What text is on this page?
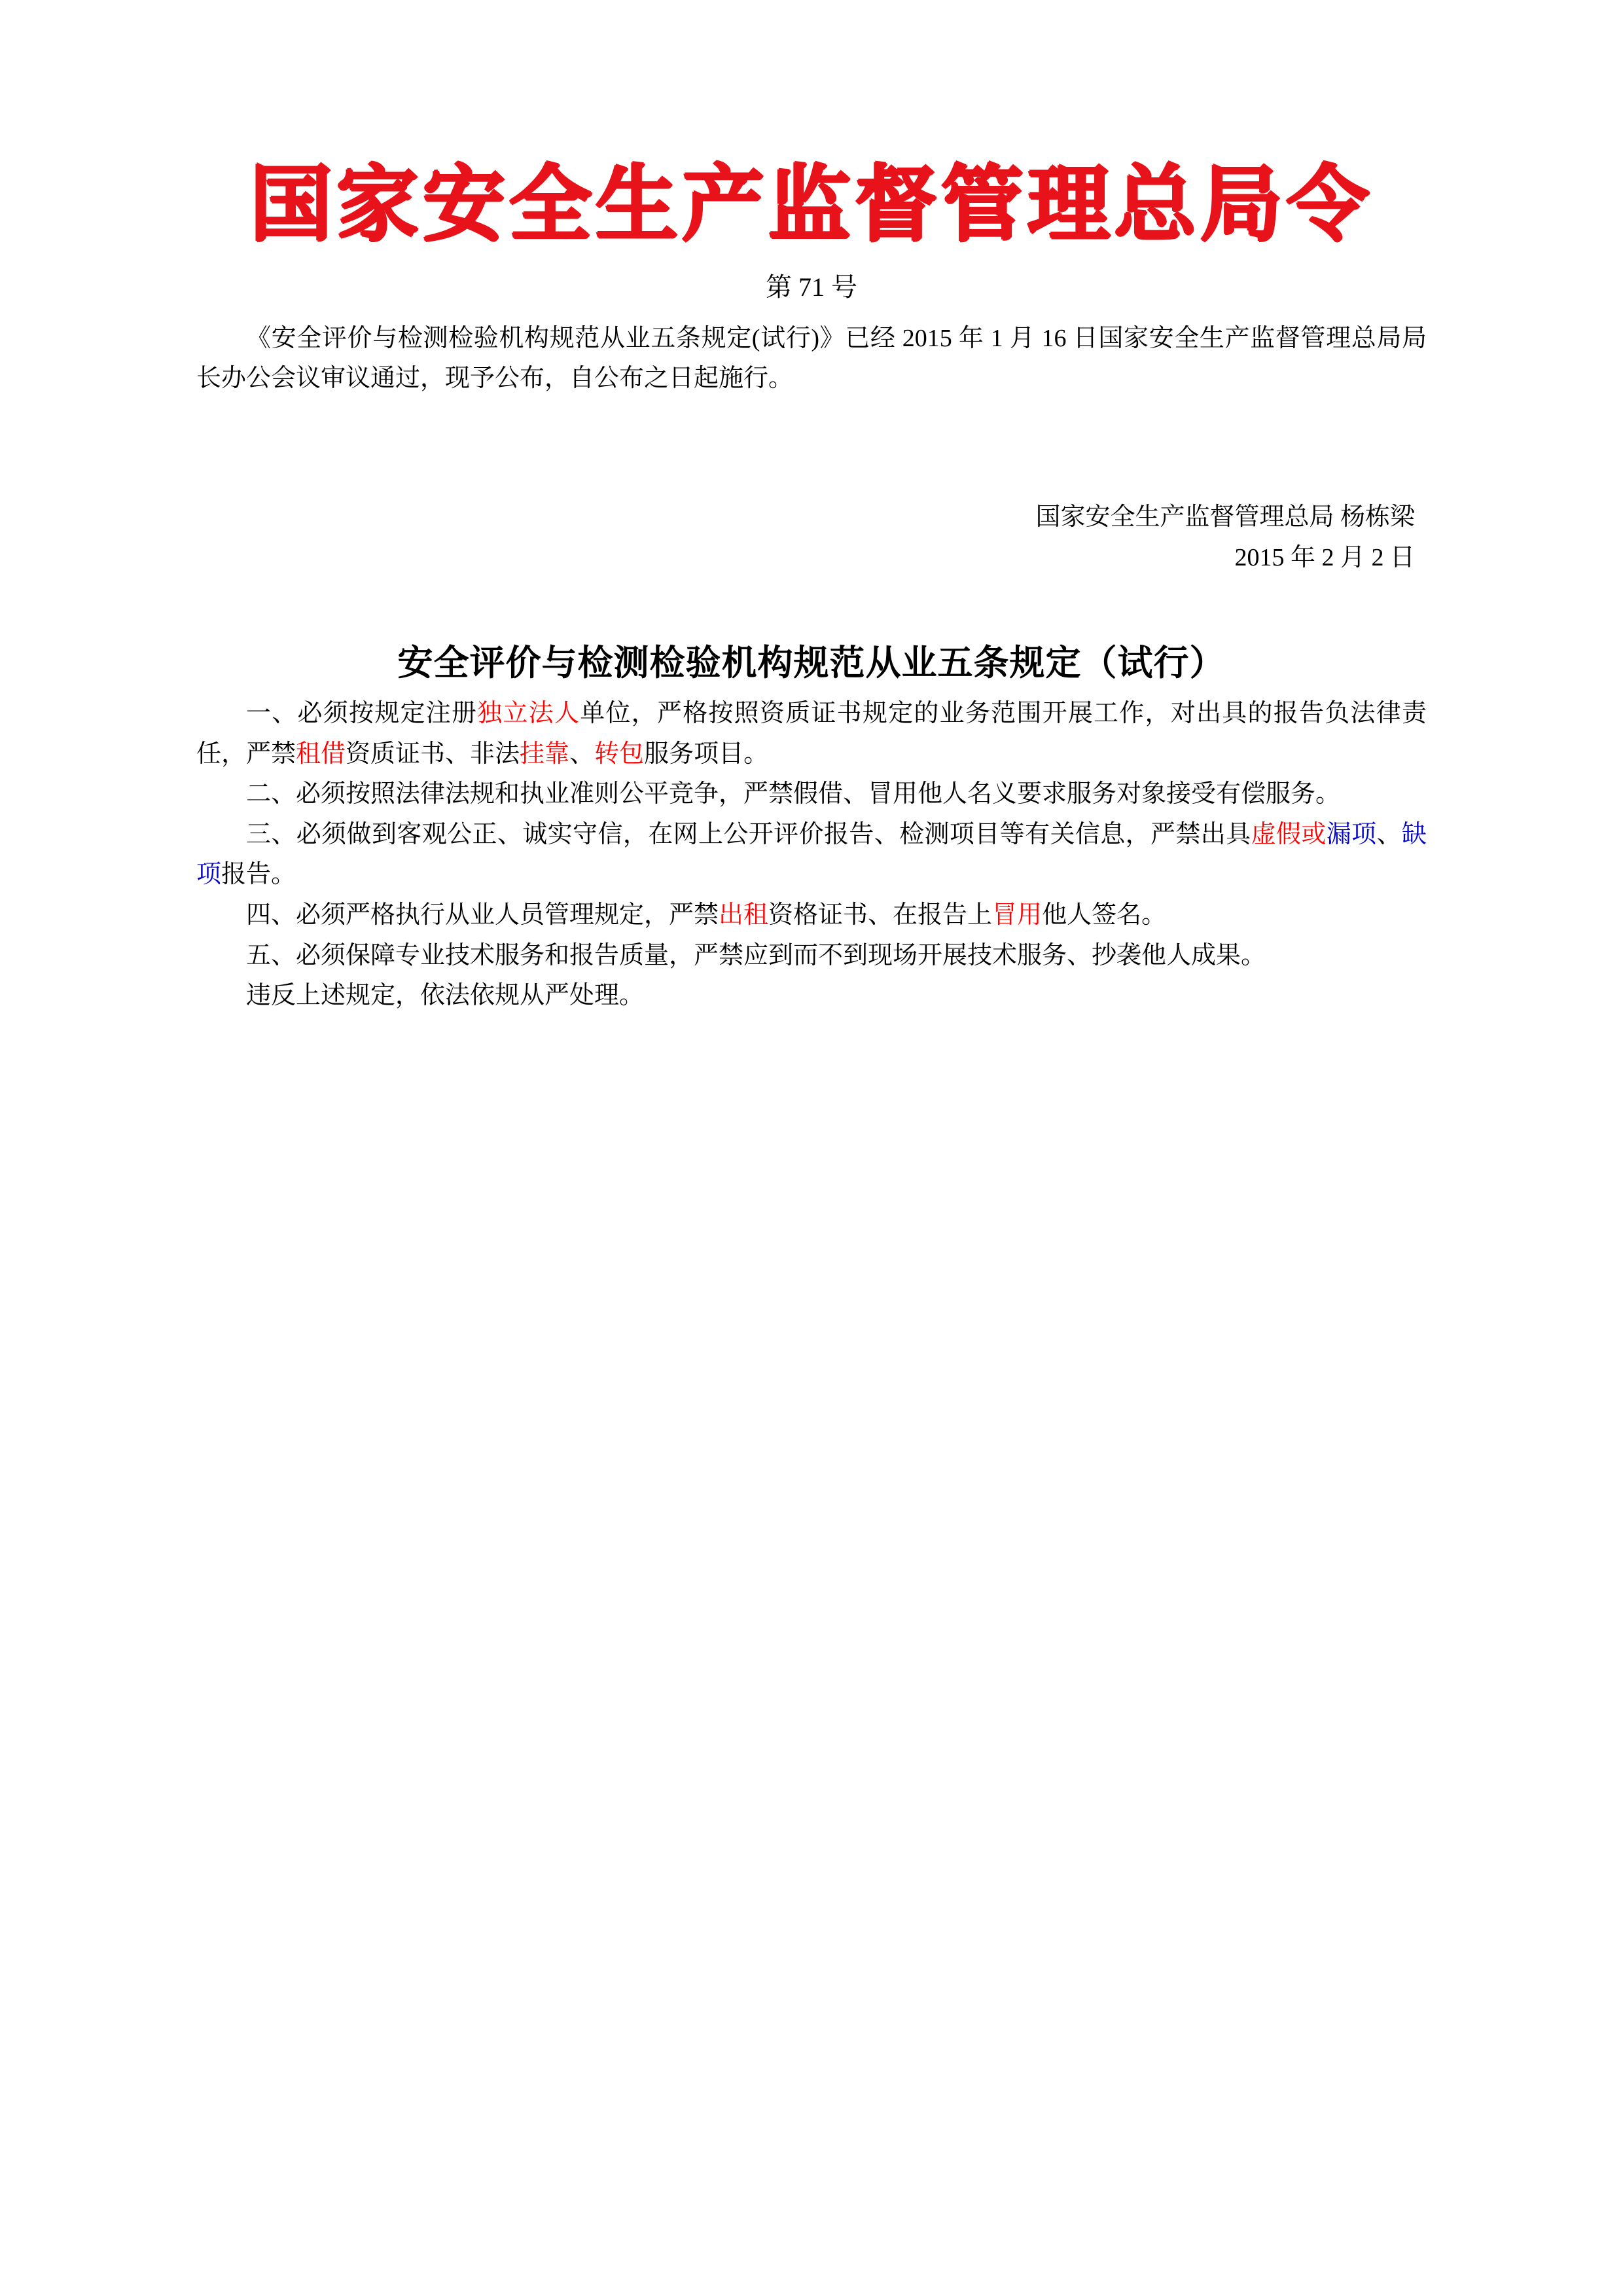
国家安全生产监督管理总局令
第 71 号

《安全评价与检测检验机构规范从业五条规定(试行)》已经 2015 年 1 月 16 日国家安全生产监督管理总局局长办公会议审议通过，现予公布，自公布之日起施行。

国家安全生产监督管理总局 杨栋梁
2015 年 2 月 2 日
安全评价与检测检验机构规范从业五条规定（试行）

一、必须按规定注册独立法人单位，严格按照资质证书规定的业务范围开展工作，对出具的报告负法律责任，严禁租借资质证书、非法挂靠、转包服务项目。

二、必须按照法律法规和执业准则公平竞争，严禁假借、冒用他人名义要求服务对象接受有偿服务。

三、必须做到客观公正、诚实守信，在网上公开评价报告、检测项目等有关信息，严禁出具虚假或漏项、缺项报告。

四、必须严格执行从业人员管理规定，严禁出租资格证书、在报告上冒用他人签名。

五、必须保障专业技术服务和报告质量，严禁应到而不到现场开展技术服务、抄袭他人成果。

违反上述规定，依法依规从严处理。
